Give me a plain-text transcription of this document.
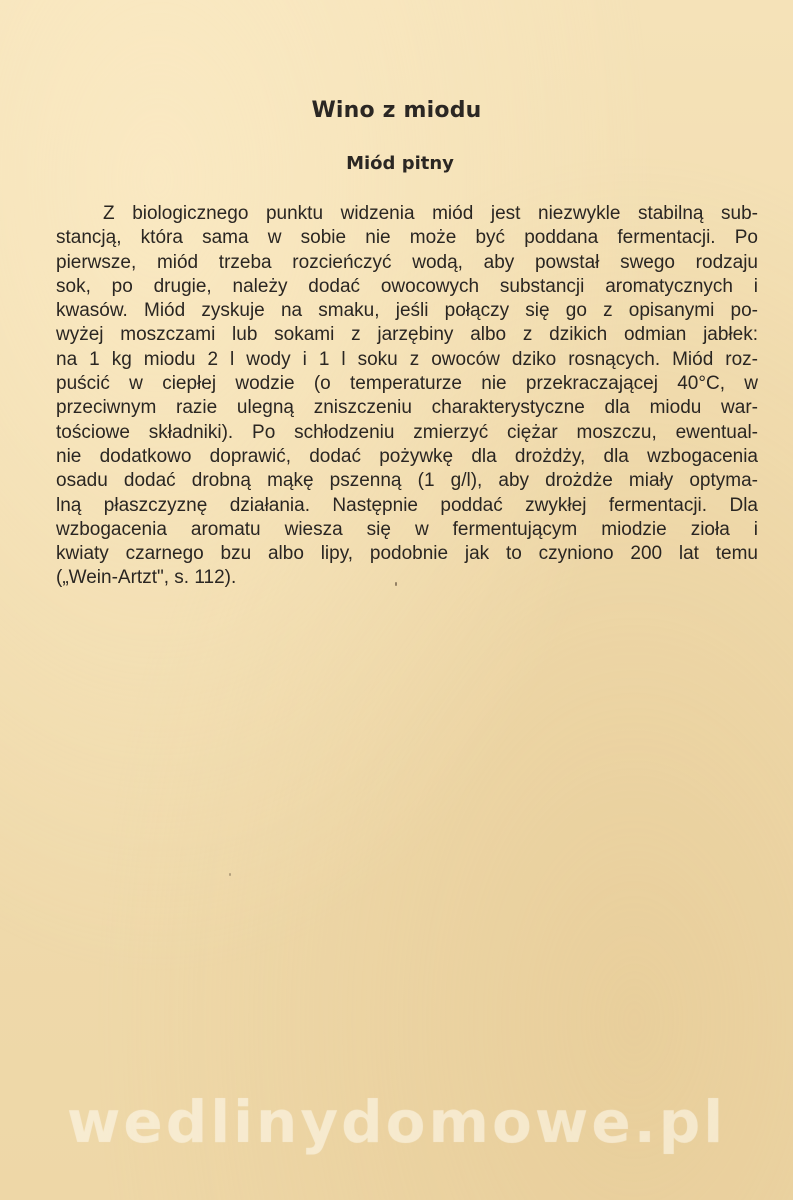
Wino z miodu
Miód pitny
Z biologicznego punktu widzenia miód jest niezwykle stabilną sub-
stancją, która sama w sobie nie może być poddana fermentacji. Po
pierwsze, miód trzeba rozcieńczyć wodą, aby powstał swego rodzaju
sok, po drugie, należy dodać owocowych substancji aromatycznych i
kwasów. Miód zyskuje na smaku, jeśli połączy się go z opisanymi po-
wyżej moszczami lub sokami z jarzębiny albo z dzikich odmian jabłek:
na 1 kg miodu 2 l wody i 1 l soku z owoców dziko rosnących. Miód roz-
puścić w ciepłej wodzie (o temperaturze nie przekraczającej 40°C, w
przeciwnym razie ulegną zniszczeniu charakterystyczne dla miodu war-
tościowe składniki). Po schłodzeniu zmierzyć ciężar moszczu, ewentual-
nie dodatkowo doprawić, dodać pożywkę dla drożdży, dla wzbogacenia
osadu dodać drobną mąkę pszenną (1 g/l), aby drożdże miały optyma-
lną płaszczyznę działania. Następnie poddać zwykłej fermentacji. Dla
wzbogacenia aromatu wiesza się w fermentującym miodzie zioła i
kwiaty czarnego bzu albo lipy, podobnie jak to czyniono 200 lat temu
(„Wein-Artzt", s. 112).
wedlinydomowe.pl
